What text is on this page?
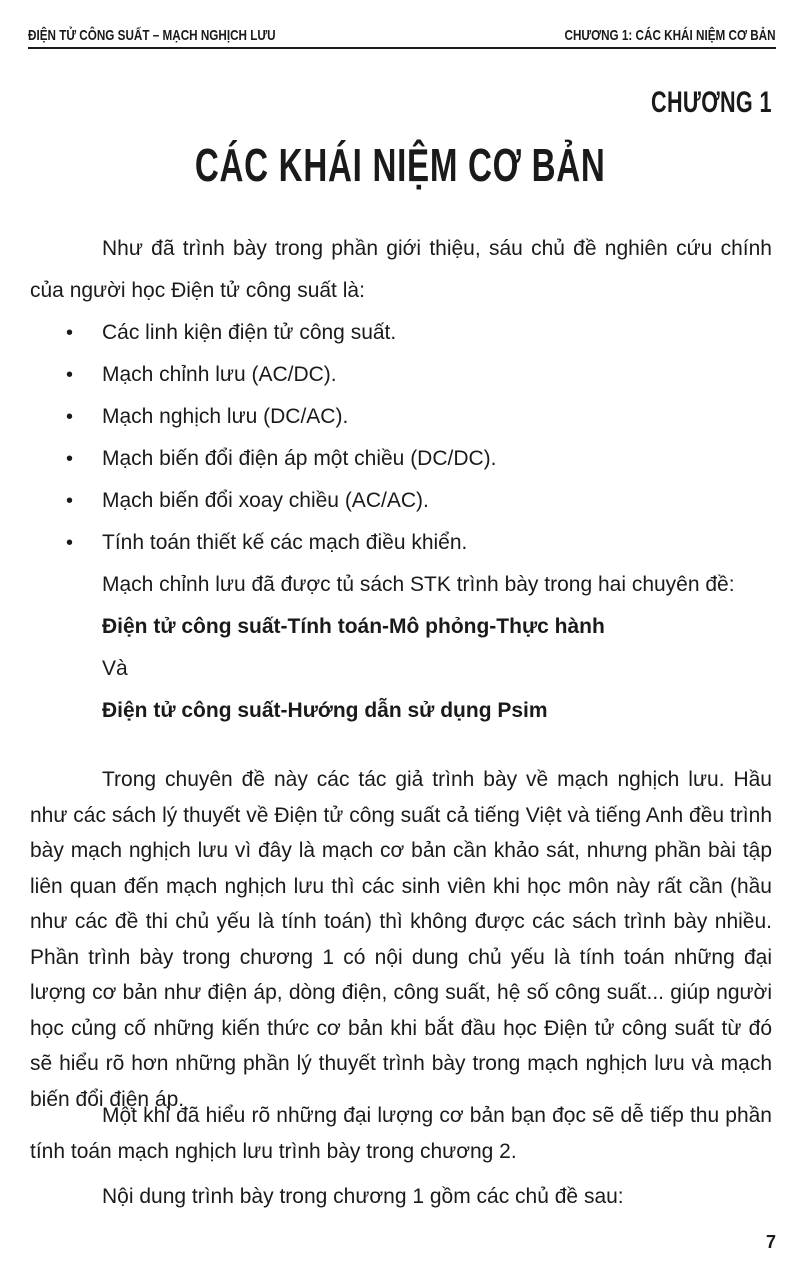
ĐIỆN TỬ CÔNG SUẤT – MẠCH NGHỊCH LƯU	CHƯƠNG 1: CÁC KHÁI NIỆM CƠ BẢN
CHƯƠNG 1
CÁC KHÁI NIỆM CƠ BẢN

Như đã trình bày trong phần giới thiệu, sáu chủ đề nghiên cứu chính của người học Điện tử công suất là:

• Các linh kiện điện tử công suất.
• Mạch chỉnh lưu (AC/DC).
• Mạch nghịch lưu (DC/AC).
• Mạch biến đổi điện áp một chiều (DC/DC).
• Mạch biến đổi xoay chiều (AC/AC).
• Tính toán thiết kế các mạch điều khiển.

Mạch chỉnh lưu đã được tủ sách STK trình bày trong hai chuyên đề:

Điện tử công suất-Tính toán-Mô phỏng-Thực hành

Và

Điện tử công suất-Hướng dẫn sử dụng Psim

Trong chuyên đề này các tác giả trình bày về mạch nghịch lưu. Hầu như các sách lý thuyết về Điện tử công suất cả tiếng Việt và tiếng Anh đều trình bày mạch nghịch lưu vì đây là mạch cơ bản cần khảo sát, nhưng phần bài tập liên quan đến mạch nghịch lưu thì các sinh viên khi học môn này rất cần (hầu như các đề thi chủ yếu là tính toán) thì không được các sách trình bày nhiều. Phần trình bày trong chương 1 có nội dung chủ yếu là tính toán những đại lượng cơ bản như điện áp, dòng điện, công suất, hệ số công suất... giúp người học củng cố những kiến thức cơ bản khi bắt đầu học Điện tử công suất từ đó sẽ hiểu rõ hơn những phần lý thuyết trình bày trong mạch nghịch lưu và mạch biến đổi điện áp.

Một khi đã hiểu rõ những đại lượng cơ bản bạn đọc sẽ dễ tiếp thu phần tính toán mạch nghịch lưu trình bày trong chương 2.

Nội dung trình bày trong chương 1 gồm các chủ đề sau:

7
